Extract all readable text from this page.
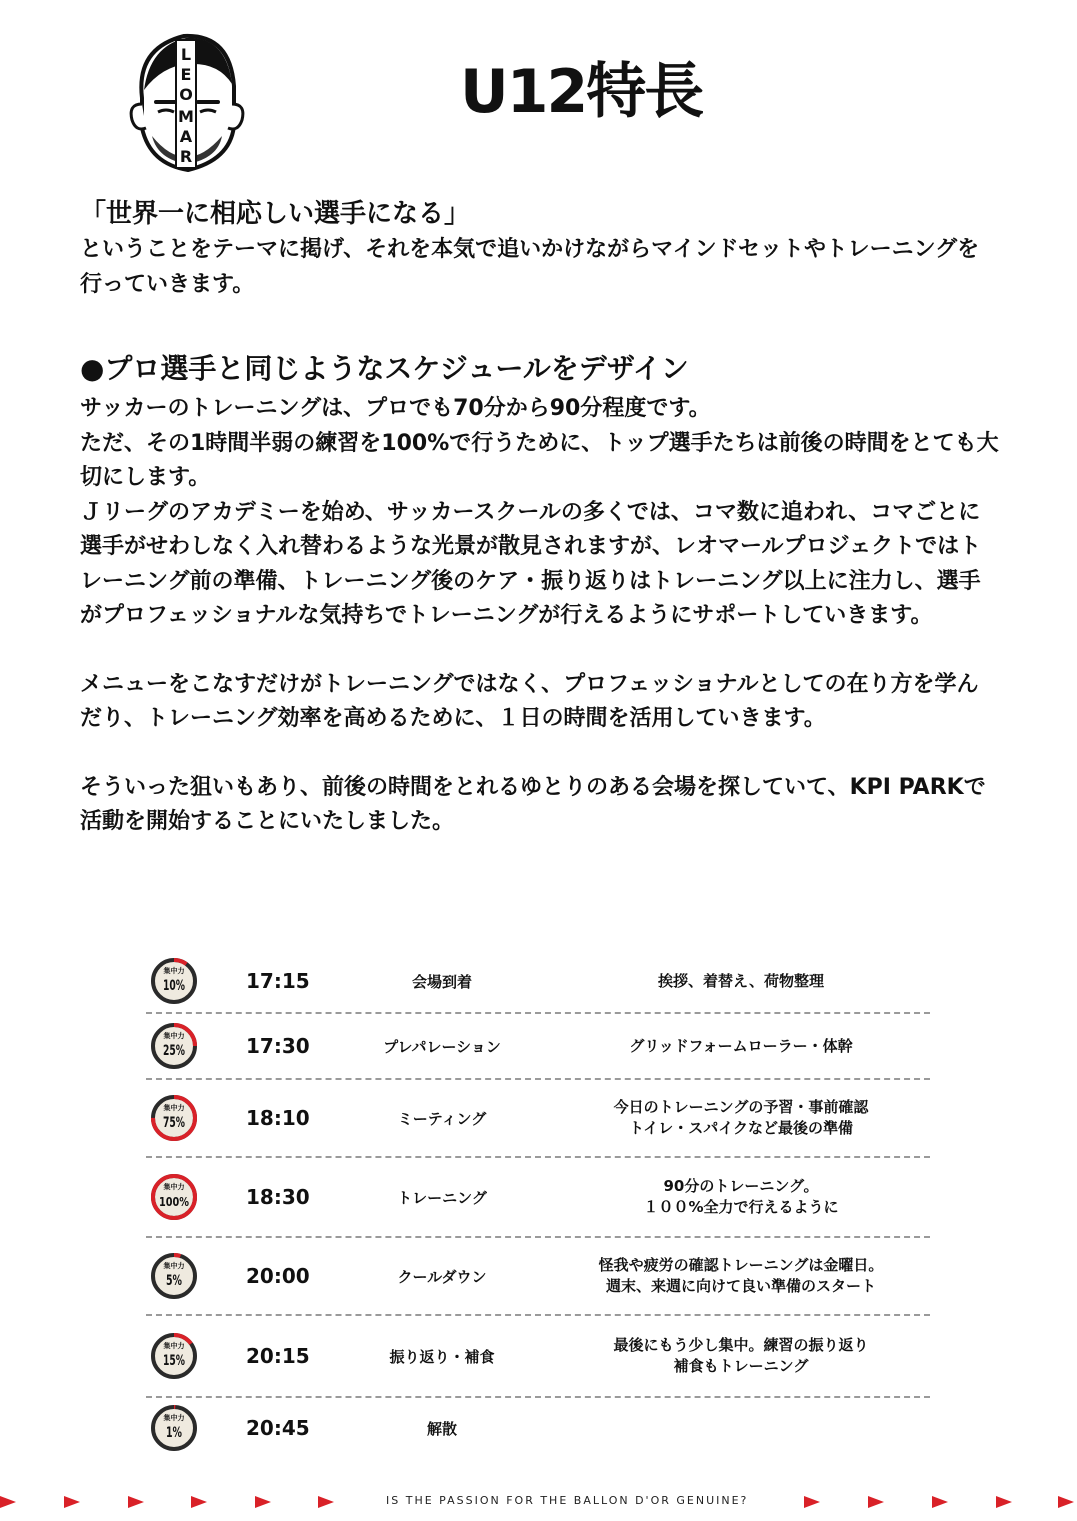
L
E
O
M
A
R
U12特長
「世界一に相応しい選手になる」
ということをテーマに掲げ、それを本気で追いかけながらマインドセットやトレーニングを行っていきます。
●プロ選手と同じようなスケジュールをデザイン

サッカーのトレーニングは、プロでも70分から90分程度です。

ただ、その1時間半弱の練習を100%で行うために、トップ選手たちは前後の時間をとても大切にします。

Ｊリーグのアカデミーを始め、サッカースクールの多くでは、コマ数に追われ、コマごとに選手がせわしなく入れ替わるような光景が散見されますが、レオマールプロジェクトではトレーニング前の準備、トレーニング後のケア・振り返りはトレーニング以上に注力し、選手がプロフェッショナルな気持ちでトレーニングが行えるようにサポートしていきます。

メニューをこなすだけがトレーニングではなく、プロフェッショナルとしての在り方を学んだり、トレーニング効率を高めるために、１日の時間を活用していきます。

そういった狙いもあり、前後の時間をとれるゆとりのある会場を探していて、KPI PARKで活動を開始することにいたしました。

集中力
10%	17:15	会場到着	挨拶、着替え、荷物整理
集中力
25%	17:30	プレパレーション	グリッドフォームローラー・体幹
集中力
75%	18:10	ミーティング
今日のトレーニングの予習・事前確認
トイレ・スパイクなど最後の準備
集中力
100%	18:30	トレーニング
90分のトレーニング。
１００%全力で行えるように
集中力
5%	20:00	クールダウン
怪我や疲労の確認トレーニングは金曜日。
週末、来週に向けて良い準備のスタート
集中力
15%	20:15	振り返り・補食
最後にもう少し集中。練習の振り返り
補食もトレーニング
集中力
1%	20:45	解散
IS THE PASSION FOR THE BALLON D'OR GENUINE?
